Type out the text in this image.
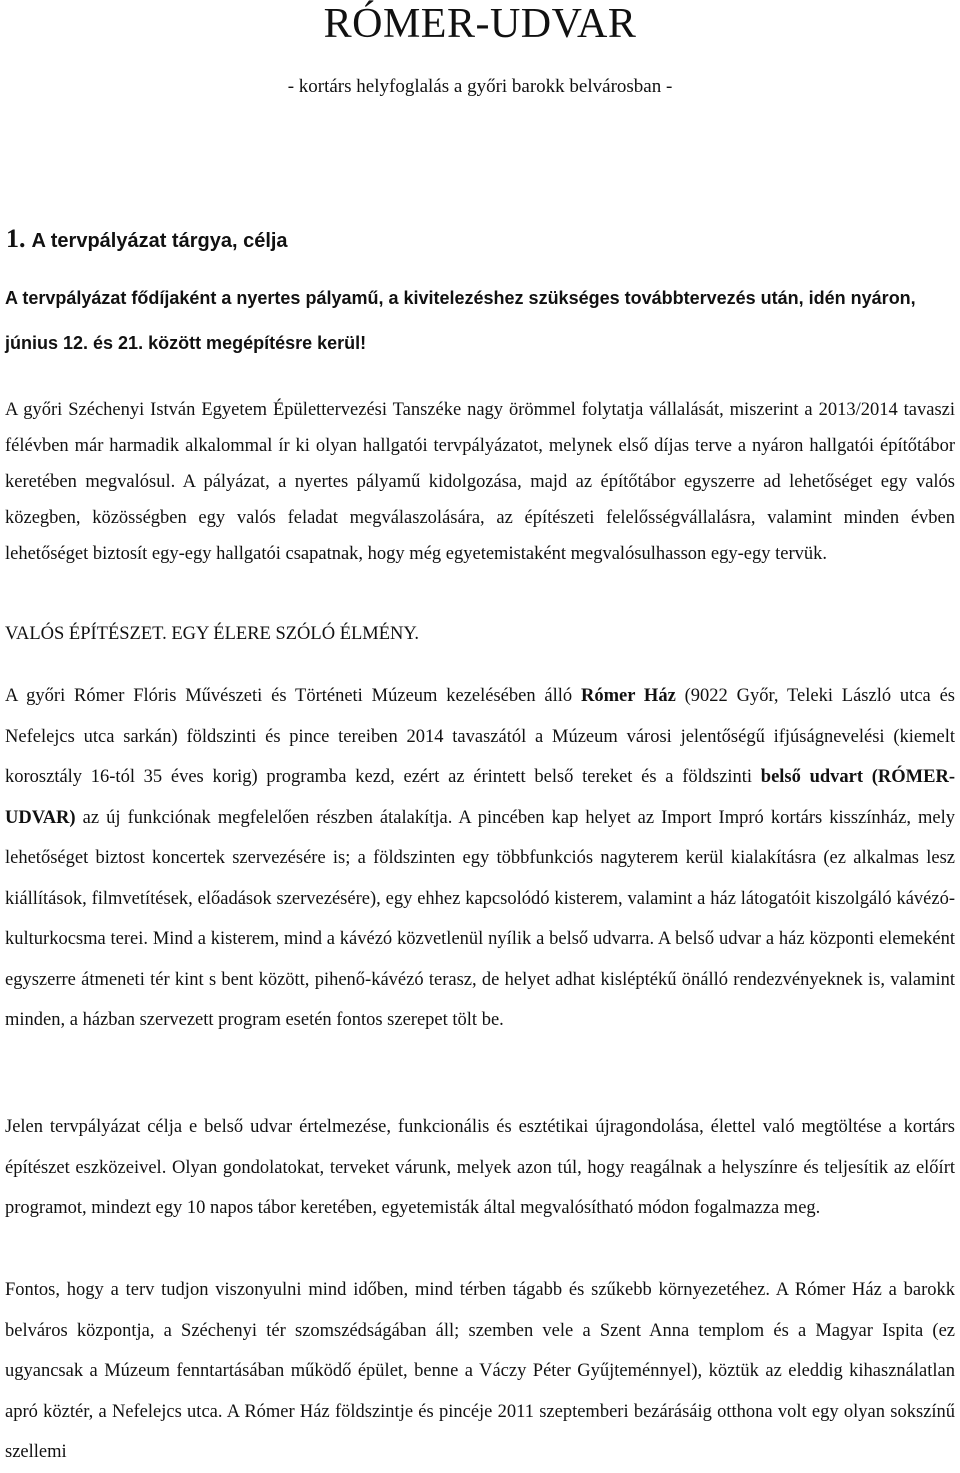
RÓMER-UDVAR

- kortárs helyfoglalás a győri barokk belvárosban -

1. A tervpályázat tárgya, célja

A tervpályázat fődíjaként a nyertes pályamű, a kivitelezéshez szükséges továbbtervezés után, idén nyáron, június 12. és 21. között megépítésre kerül!

A győri Széchenyi István Egyetem Épülettervezési Tanszéke nagy örömmel folytatja vállalását, miszerint a 2013/2014 tavaszi félévben már harmadik alkalommal ír ki olyan hallgatói tervpályázatot, melynek első díjas terve a nyáron hallgatói építőtábor keretében megvalósul. A pályázat, a nyertes pályamű kidolgozása, majd az építőtábor egyszerre ad lehetőséget egy valós közegben, közösségben egy valós feladat megválaszolására, az építészeti felelősségvállalásra, valamint minden évben lehetőséget biztosít egy-egy hallgatói csapatnak, hogy még egyetemistaként megvalósulhasson egy-egy tervük.

VALÓS ÉPÍTÉSZET. EGY ÉLERE SZÓLÓ ÉLMÉNY.

A győri Rómer Flóris Művészeti és Történeti Múzeum kezelésében álló Rómer Ház (9022 Győr, Teleki László utca és Nefelejcs utca sarkán) földszinti és pince tereiben 2014 tavaszától a Múzeum városi jelentőségű ifjúságnevelési (kiemelt korosztály 16-tól 35 éves korig) programba kezd, ezért az érintett belső tereket és a földszinti belső udvart (RÓMER-UDVAR) az új funkciónak megfelelően részben átalakítja. A pincében kap helyet az Import Impró kortárs kisszínház, mely lehetőséget biztost koncertek szervezésére is; a földszinten egy többfunkciós nagyterem kerül kialakításra (ez alkalmas lesz kiállítások, filmvetítések, előadások szervezésére), egy ehhez kapcsolódó kisterem, valamint a ház látogatóit kiszolgáló kávézó-kulturkocsma terei. Mind a kisterem, mind a kávézó közvetlenül nyílik a belső udvarra. A belső udvar a ház központi elemeként egyszerre átmeneti tér kint s bent között, pihenő-kávézó terasz, de helyet adhat kisléptékű önálló rendezvényeknek is, valamint minden, a házban szervezett program esetén fontos szerepet tölt be.

Jelen tervpályázat célja e belső udvar értelmezése, funkcionális és esztétikai újragondolása, élettel való megtöltése a kortárs építészet eszközeivel. Olyan gondolatokat, terveket várunk, melyek azon túl, hogy reagálnak a helyszínre és teljesítik az előírt programot, mindezt egy 10 napos tábor keretében, egyetemisták által megvalósítható módon fogalmazza meg.

Fontos, hogy a terv tudjon viszonyulni mind időben, mind térben tágabb és szűkebb környezetéhez. A Rómer Ház a barokk belváros központja, a Széchenyi tér szomszédságában áll; szemben vele a Szent Anna templom és a Magyar Ispita (ez ugyancsak a Múzeum fenntartásában működő épület, benne a Váczy Péter Gyűjteménnyel), köztük az eleddig kihasználatlan apró köztér, a Nefelejcs utca. A Rómer Ház földszintje és pincéje 2011 szeptemberi bezárásáig otthona volt egy olyan sokszínű szellemi
